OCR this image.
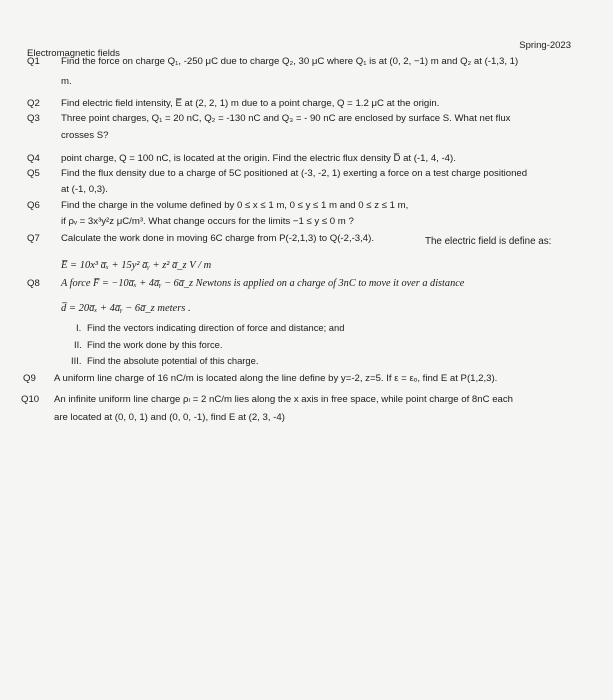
Electromagnetic fields
Spring-2023
Q1	Find the force on charge Q₁, -250 μC due to charge Q₂, 30 μC where Q₁ is at (0, 2, −1) m and Q₂ at (-1,3, 1)
m.
Q2	Find electric field intensity, E̅ at (2, 2, 1) m due to a point charge, Q = 1.2 μC at the origin.
Q3	Three point charges, Q₁ = 20 nC, Q₂ = -130 nC and Q₃ = - 90 nC are enclosed by surface S. What net flux
crosses S?
Q4	point charge, Q = 100 nC, is located at the origin. Find the electric flux density D̅ at (-1, 4, -4).
Q5	Find the flux density due to a charge of 5C positioned at (-3, -2, 1) exerting a force on a test charge positioned
at (-1, 0,3).
Q6	Find the charge in the volume defined by 0 ≤ x ≤ 1 m, 0 ≤ y ≤ 1 m and 0 ≤ z ≤ 1 m,
if ρᵥ = 3x³y²z μC/m³. What change occurs for the limits −1 ≤ y ≤ 0 m ?
Q7	Calculate the work done in moving 6C charge from P(-2,1,3) to Q(-2,-3,4).	The electric field is define as:
E̅ = 10x³ a̅ₓ + 15y² a̅ᵧ + z² a̅_z V / m
Q8	A force F̅ = −10a̅ₓ + 4a̅ᵧ − 6a̅_z Newtons is applied on a charge of 3nC to move it over a distance
d̅ = 20a̅ₓ + 4a̅ᵧ − 6a̅_z meters .
I. Find the vectors indicating direction of force and distance; and
II. Find the work done by this force.
III. Find the absolute potential of this charge.
Q9	A uniform line charge of 16 nC/m is located along the line define by y=-2, z=5. If ε = εₒ, find E at P(1,2,3).
Q10	An infinite uniform line charge ρₗ = 2 nC/m lies along the x axis in free space, while point charge of 8nC each
are located at (0, 0, 1) and (0, 0, -1), find E at (2, 3, -4)
